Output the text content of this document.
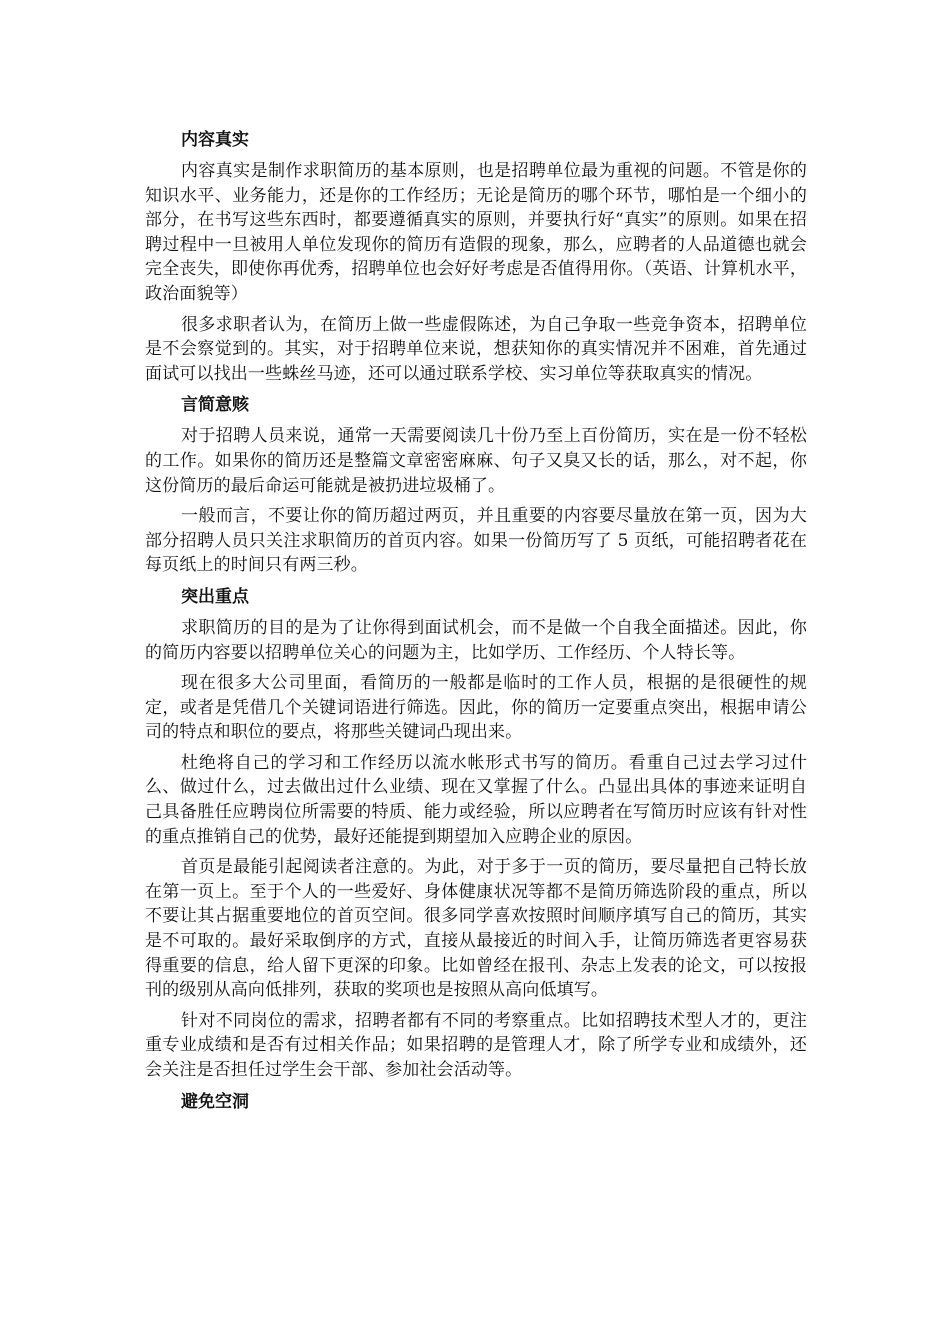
内容真实

内容真实是制作求职简历的基本原则，也是招聘单位最为重视的问题。不管是你的知识水平、业务能力，还是你的工作经历；无论是简历的哪个环节，哪怕是一个细小的部分，在书写这些东西时，都要遵循真实的原则，并要执行好“真实”的原则。如果在招聘过程中一旦被用人单位发现你的简历有造假的现象，那么，应聘者的人品道德也就会完全丧失，即使你再优秀，招聘单位也会好好考虑是否值得用你。（英语、计算机水平，政治面貌等）

很多求职者认为，在简历上做一些虚假陈述，为自己争取一些竞争资本，招聘单位是不会察觉到的。其实，对于招聘单位来说，想获知你的真实情况并不困难，首先通过面试可以找出一些蛛丝马迹，还可以通过联系学校、实习单位等获取真实的情况。

言简意赅

对于招聘人员来说，通常一天需要阅读几十份乃至上百份简历，实在是一份不轻松的工作。如果你的简历还是整篇文章密密麻麻、句子又臭又长的话，那么，对不起，你这份简历的最后命运可能就是被扔进垃圾桶了。

一般而言，不要让你的简历超过两页，并且重要的内容要尽量放在第一页，因为大部分招聘人员只关注求职简历的首页内容。如果一份简历写了 5 页纸，可能招聘者花在每页纸上的时间只有两三秒。

突出重点

求职简历的目的是为了让你得到面试机会，而不是做一个自我全面描述。因此，你的简历内容要以招聘单位关心的问题为主，比如学历、工作经历、个人特长等。

现在很多大公司里面，看简历的一般都是临时的工作人员，根据的是很硬性的规定，或者是凭借几个关键词语进行筛选。因此，你的简历一定要重点突出，根据申请公司的特点和职位的要点，将那些关键词凸现出来。

杜绝将自己的学习和工作经历以流水帐形式书写的简历。看重自己过去学习过什么、做过什么，过去做出过什么业绩、现在又掌握了什么。凸显出具体的事迹来证明自己具备胜任应聘岗位所需要的特质、能力或经验，所以应聘者在写简历时应该有针对性的重点推销自己的优势，最好还能提到期望加入应聘企业的原因。

首页是最能引起阅读者注意的。为此，对于多于一页的简历，要尽量把自己特长放在第一页上。至于个人的一些爱好、身体健康状况等都不是简历筛选阶段的重点，所以不要让其占据重要地位的首页空间。很多同学喜欢按照时间顺序填写自己的简历，其实是不可取的。最好采取倒序的方式，直接从最接近的时间入手，让简历筛选者更容易获得重要的信息，给人留下更深的印象。比如曾经在报刊、杂志上发表的论文，可以按报刊的级别从高向低排列，获取的奖项也是按照从高向低填写。

针对不同岗位的需求，招聘者都有不同的考察重点。比如招聘技术型人才的，更注重专业成绩和是否有过相关作品；如果招聘的是管理人才，除了所学专业和成绩外，还会关注是否担任过学生会干部、参加社会活动等。

避免空洞
